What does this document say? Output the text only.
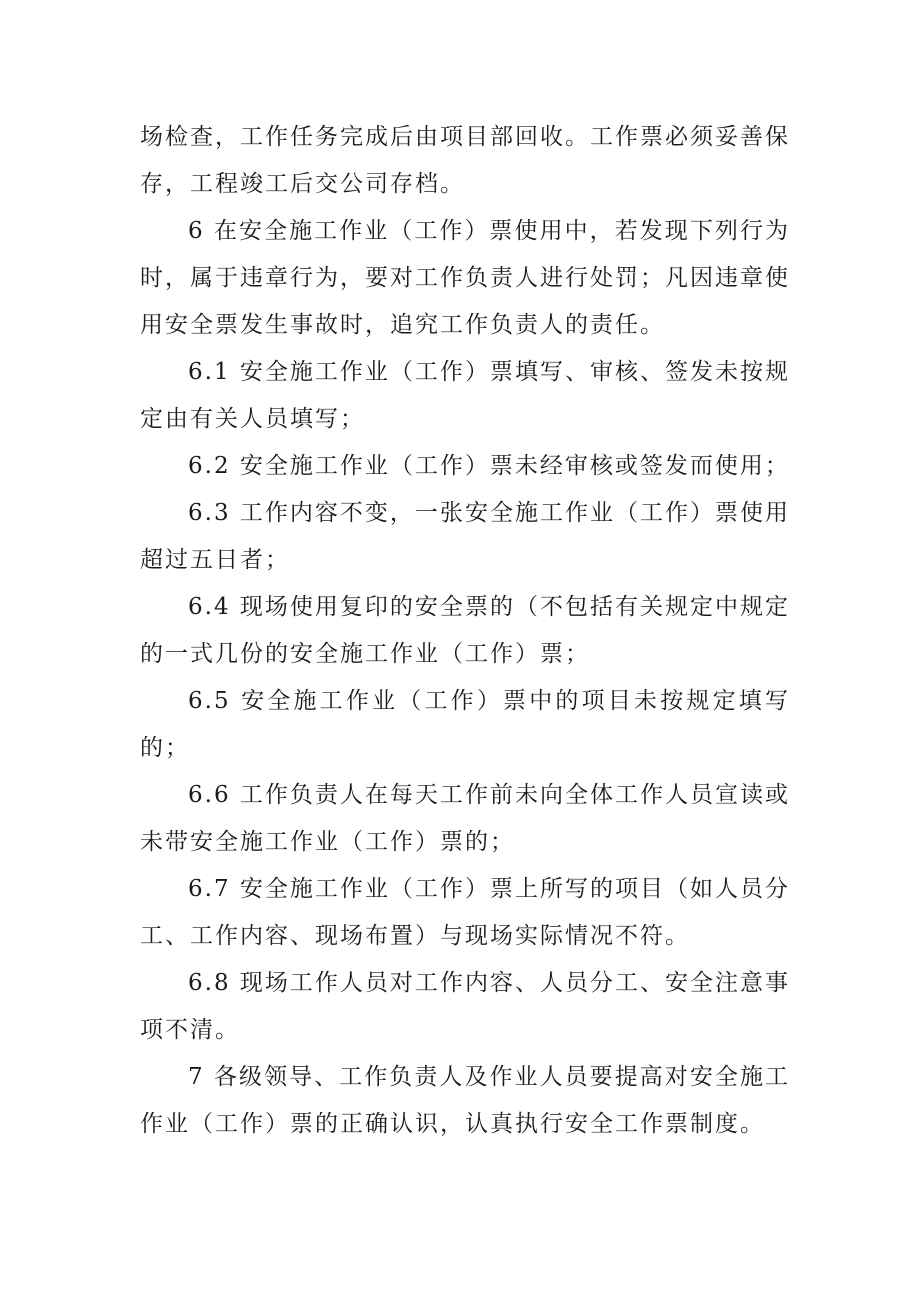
场检查，工作任务完成后由项目部回收。工作票必须妥善保存，工程竣工后交公司存档。

6 在安全施工作业（工作）票使用中，若发现下列行为时，属于违章行为，要对工作负责人进行处罚；凡因违章使用安全票发生事故时，追究工作负责人的责任。

6.1 安全施工作业（工作）票填写、审核、签发未按规定由有关人员填写；

6.2 安全施工作业（工作）票未经审核或签发而使用；

6.3 工作内容不变，一张安全施工作业（工作）票使用超过五日者；

6.4 现场使用复印的安全票的（不包括有关规定中规定的一式几份的安全施工作业（工作）票；

6.5 安全施工作业（工作）票中的项目未按规定填写的；

6.6 工作负责人在每天工作前未向全体工作人员宣读或未带安全施工作业（工作）票的；

6.7 安全施工作业（工作）票上所写的项目（如人员分工、工作内容、现场布置）与现场实际情况不符。

6.8 现场工作人员对工作内容、人员分工、安全注意事项不清。

7 各级领导、工作负责人及作业人员要提高对安全施工作业（工作）票的正确认识，认真执行安全工作票制度。
